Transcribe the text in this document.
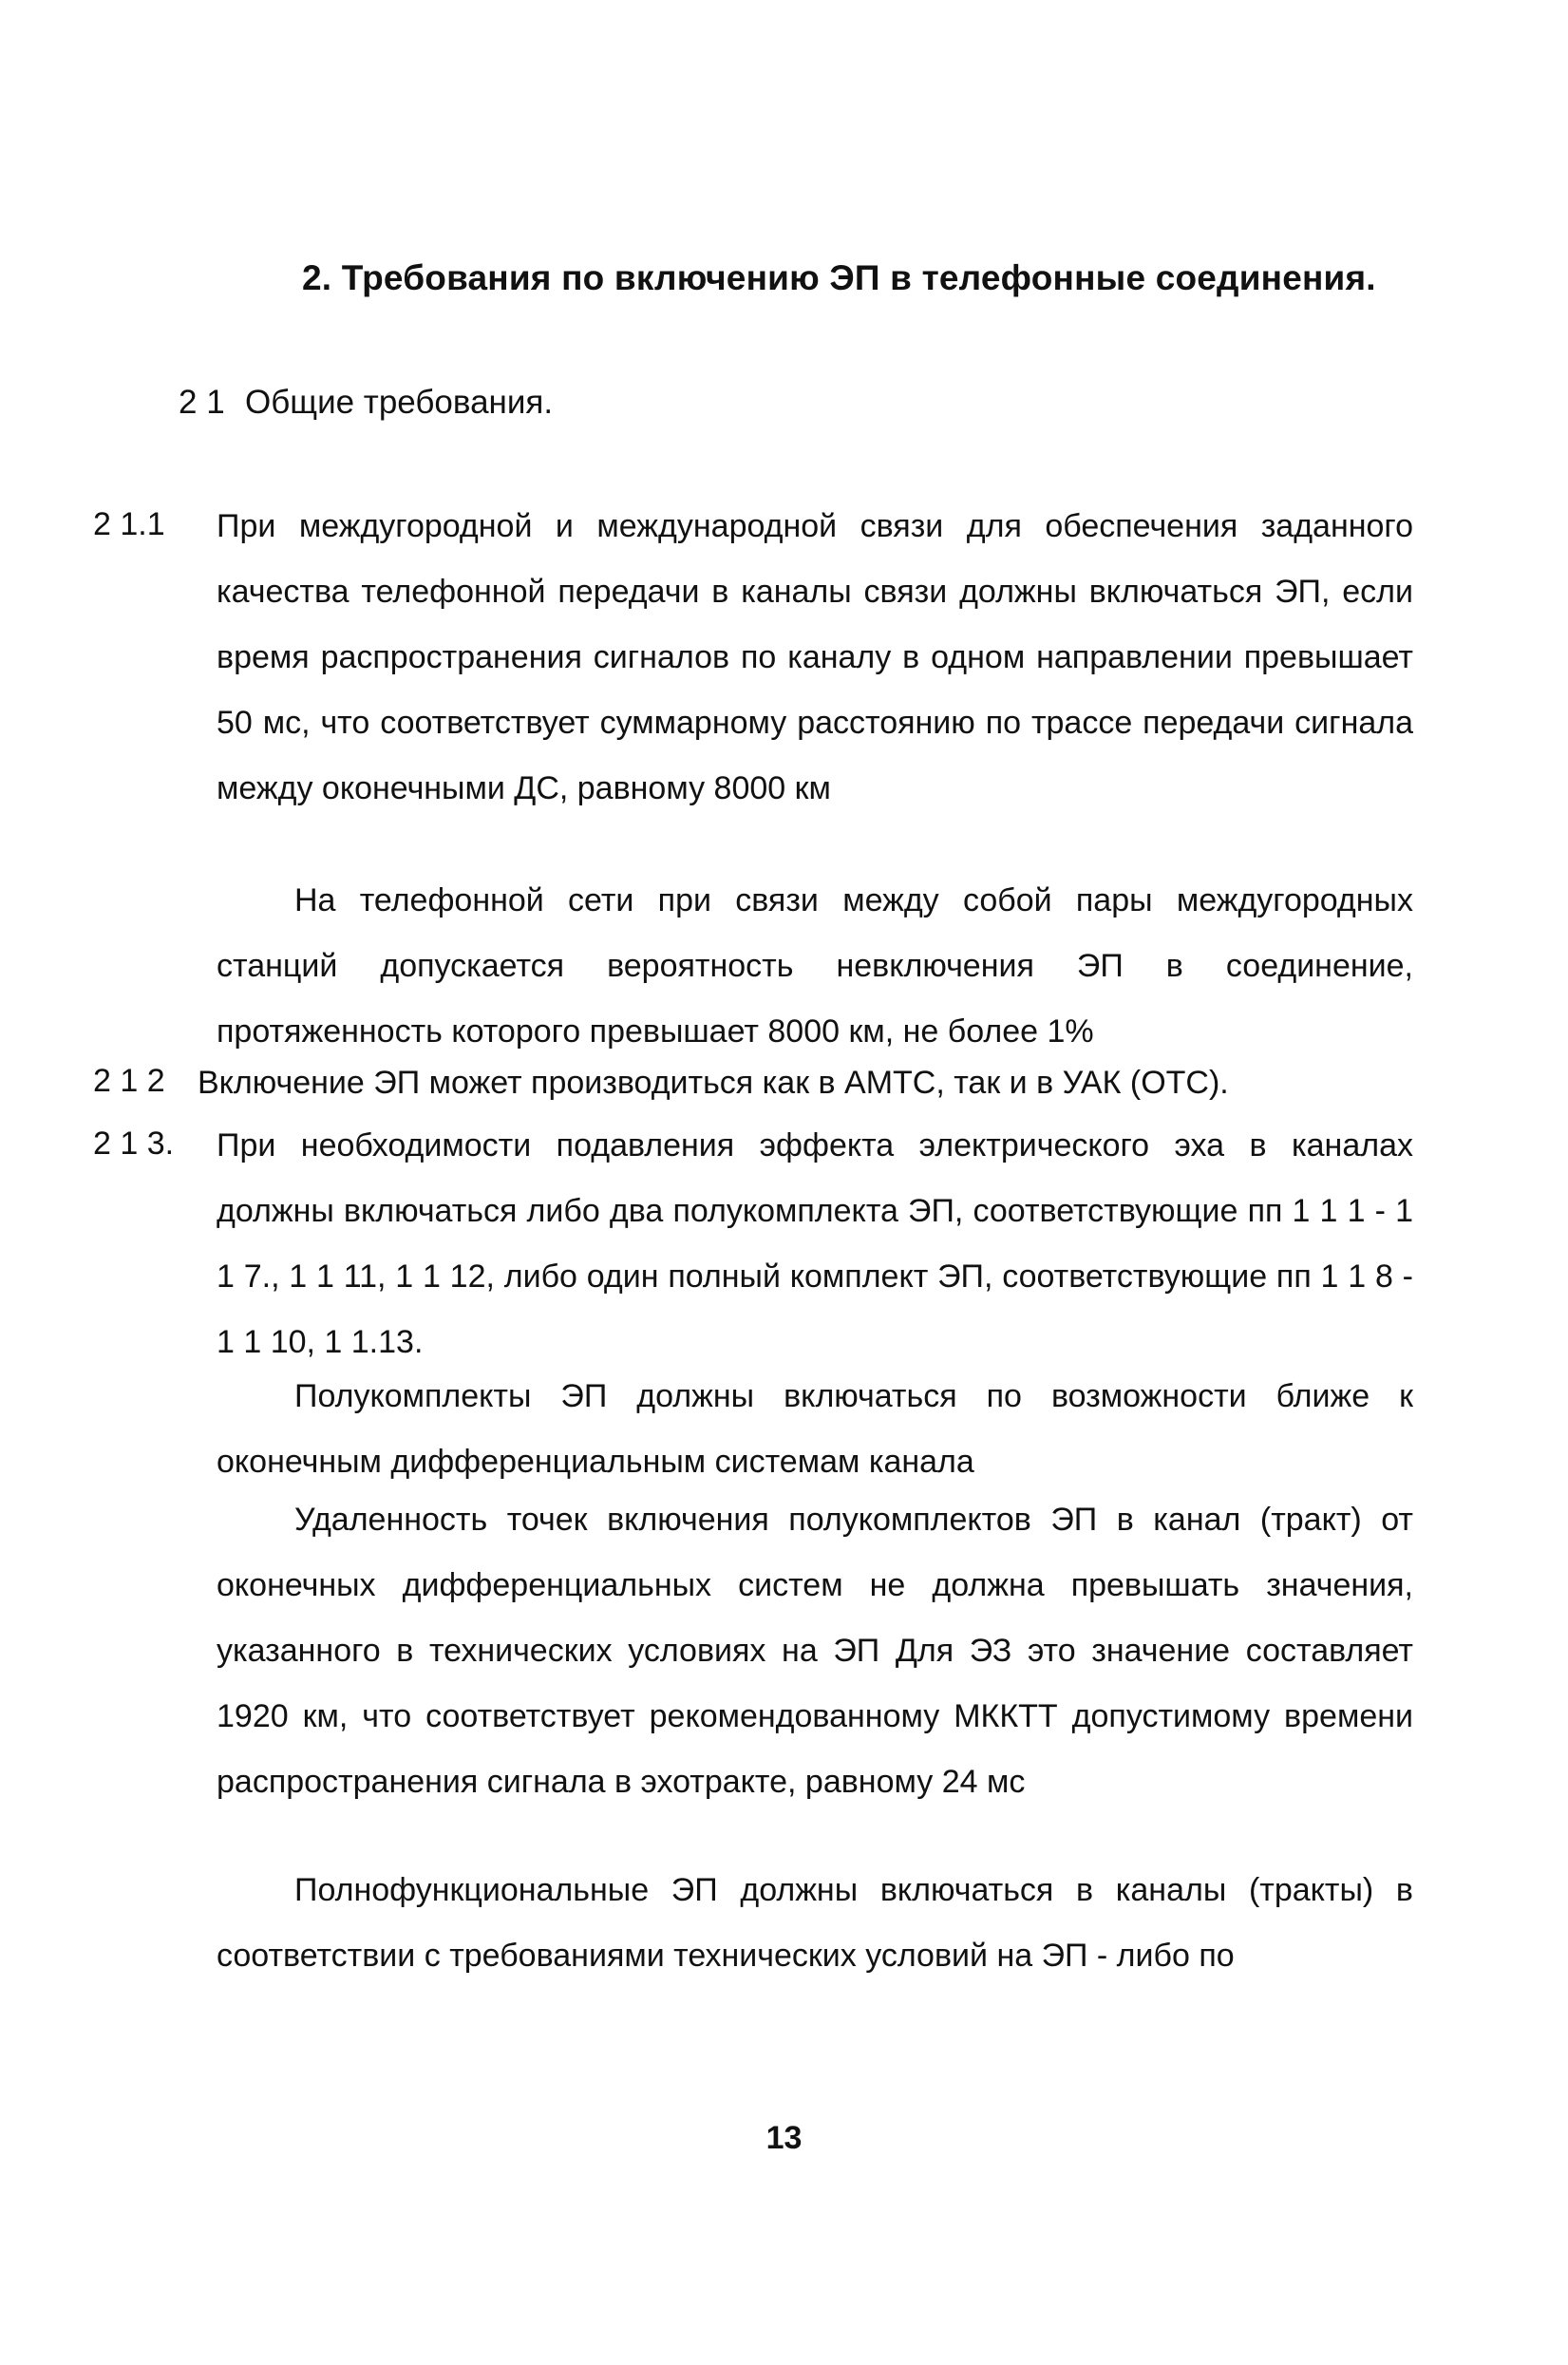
2. Требования по включению ЭП в телефонные соединения.
2 1 Общие требования.
2 1.1 При междугородной и международной связи для обеспечения заданного качества телефонной передачи в каналы связи должны включаться ЭП, если время распространения сигналов по каналу в одном направлении превышает 50 мс, что соответствует суммарному расстоянию по трассе передачи сигнала между оконечными ДС, равному 8000 км
На телефонной сети при связи между собой пары междугородных станций допускается вероятность невключения ЭП в соединение, протяженность которого превышает 8000 км, не более 1%
2 1 2 Включение ЭП может производиться как в АМТС, так и в УАК (ОТС).
2 1 3. При необходимости подавления эффекта электрического эха в каналах должны включаться либо два полукомплекта ЭП, соответствующие пп 1 1 1 - 1 1 7., 1 1 11, 1 1 12, либо один полный комплект ЭП, соответствующие пп 1 1 8 - 1 1 10, 1 1.13.
Полукомплекты ЭП должны включаться по возможности ближе к оконечным дифференциальным системам канала
Удаленность точек включения полукомплектов ЭП в канал (тракт) от оконечных дифференциальных систем не должна превышать значения, указанного в технических условиях на ЭП Для ЭЗ это значение составляет 1920 км, что соответствует рекомендованному МККТТ допустимому времени распространения сигнала в эхотракте, равному 24 мс
Полнофункциональные ЭП должны включаться в каналы (тракты) в соответствии с требованиями технических условий на ЭП - либо по
13
